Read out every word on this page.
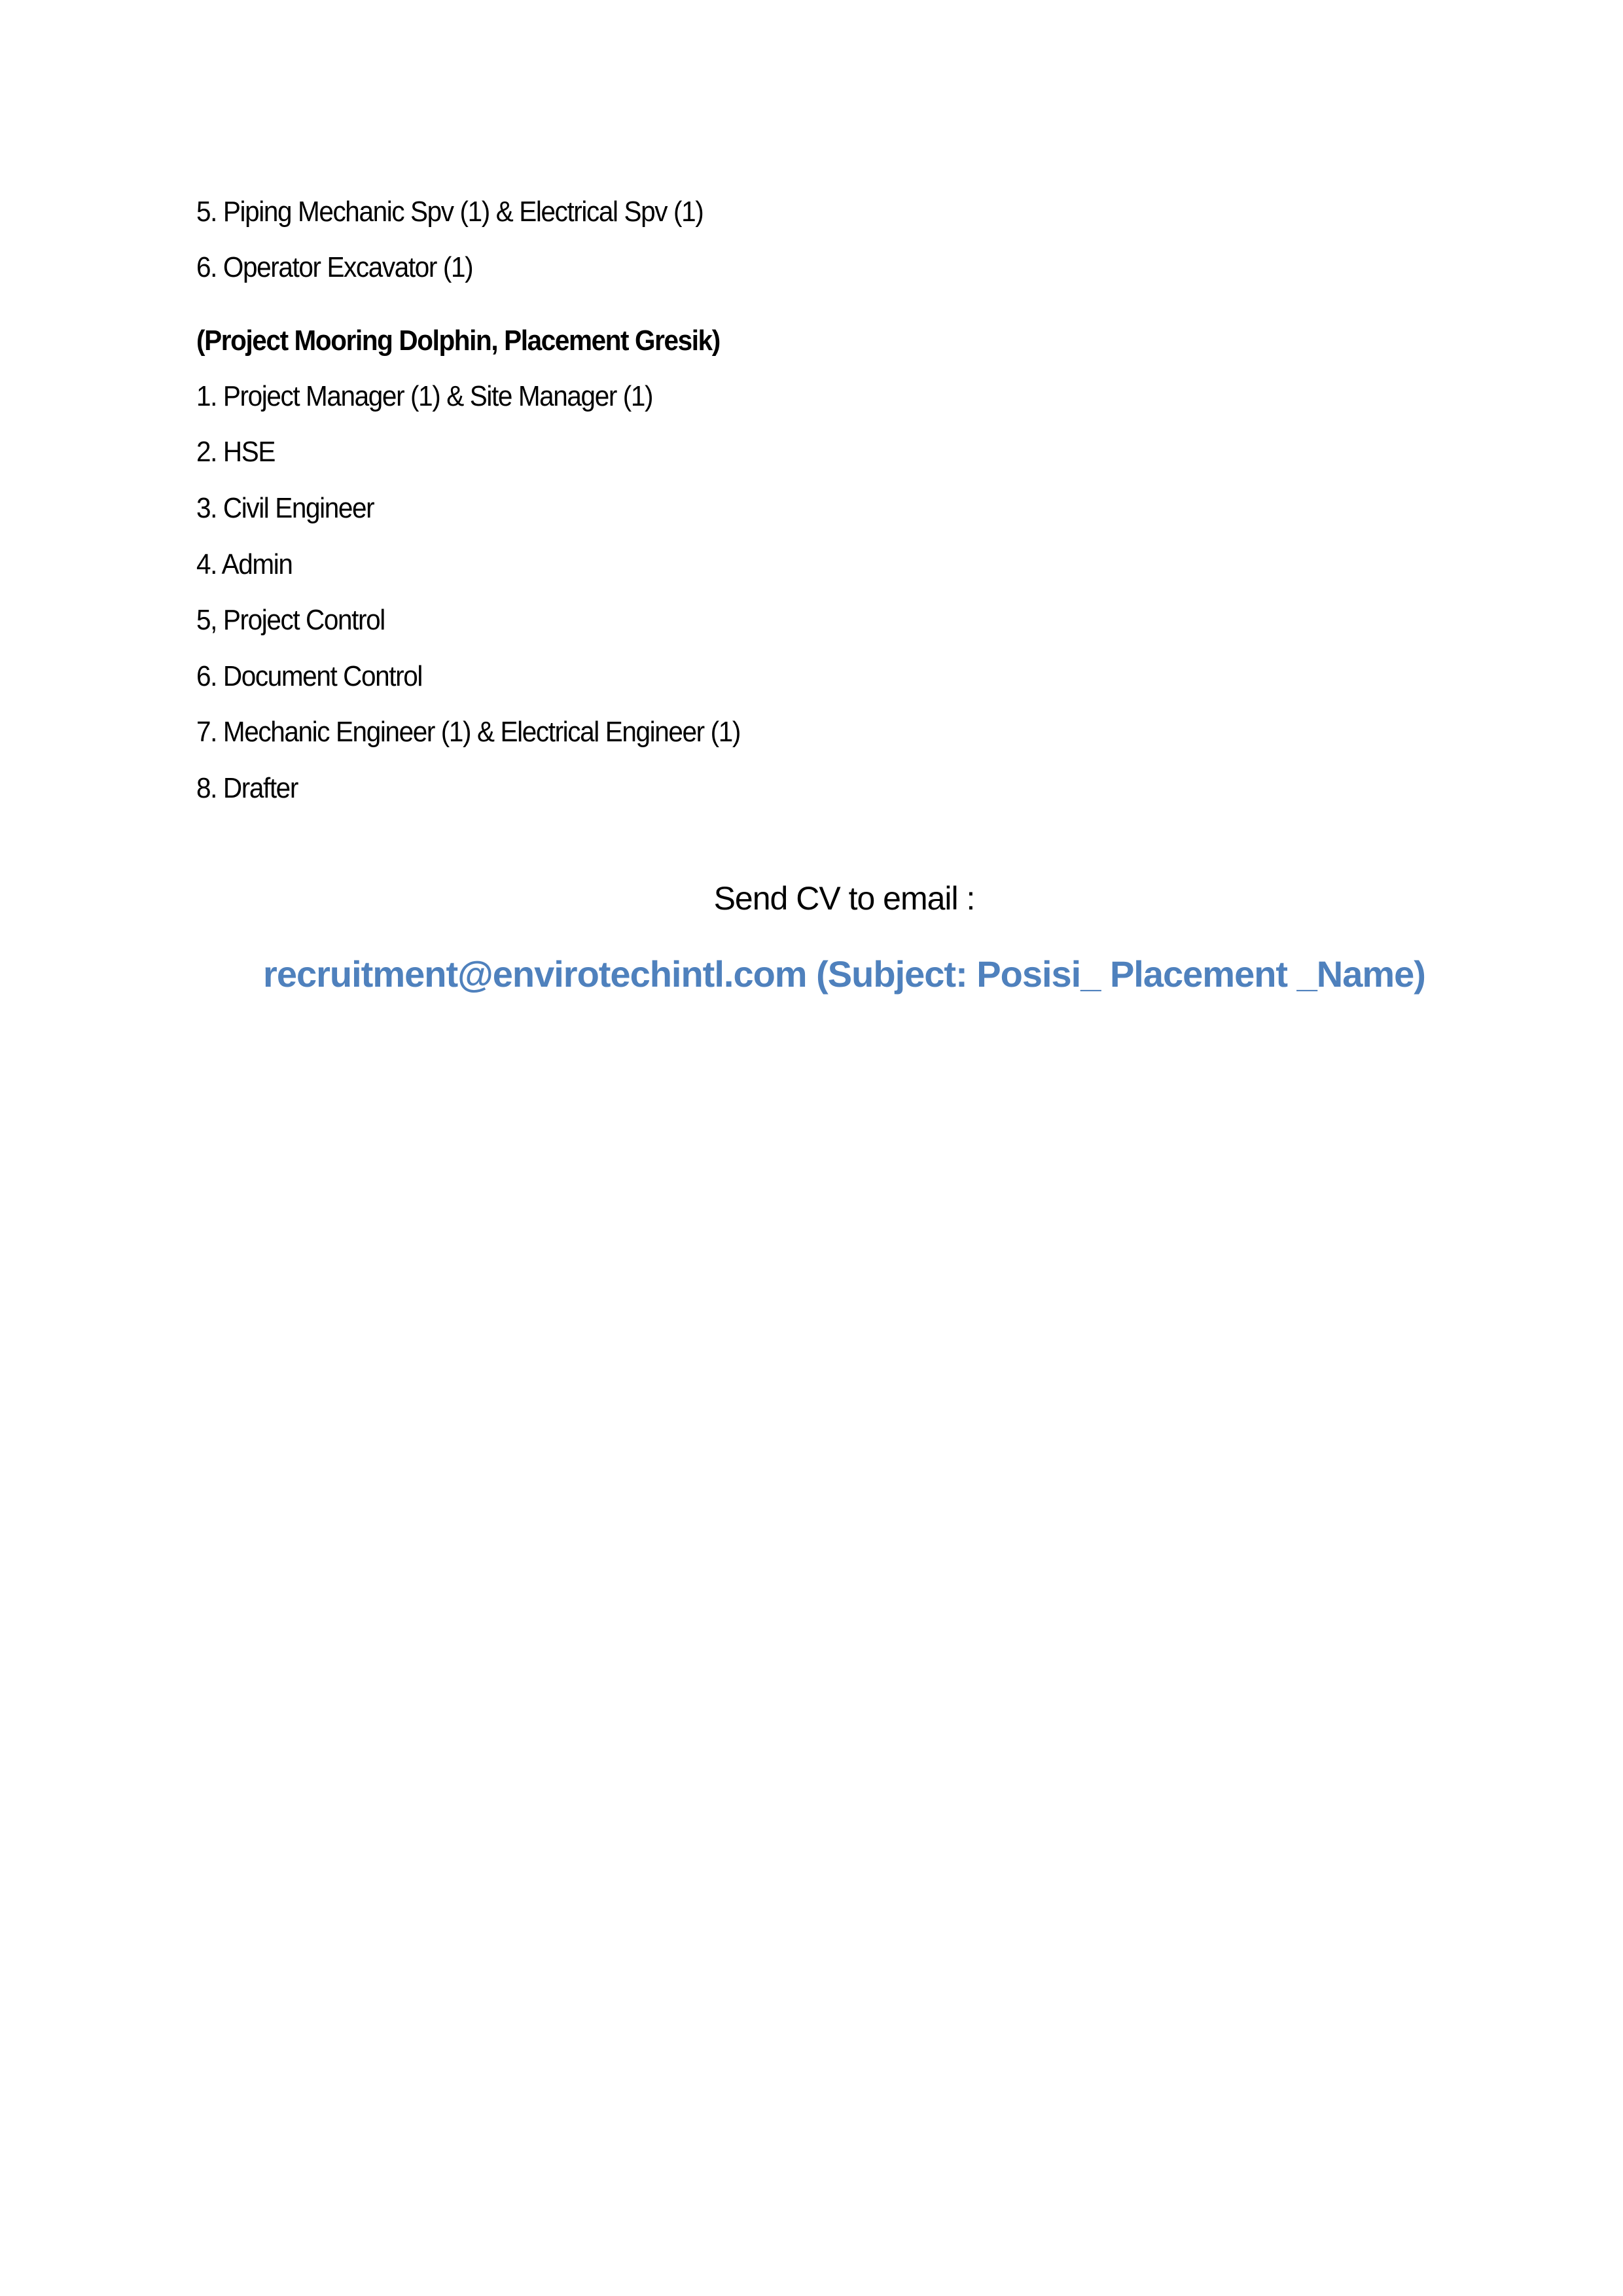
5. Piping Mechanic Spv (1) & Electrical Spv (1)
6. Operator Excavator (1)
(Project Mooring Dolphin, Placement Gresik)
1. Project Manager (1) & Site Manager (1)
2. HSE
3. Civil Engineer
4. Admin
5, Project Control
6. Document Control
7. Mechanic Engineer (1) & Electrical Engineer (1)
8. Drafter
Send CV to email :
recruitment@envirotechintl.com (Subject: Posisi_ Placement _Name)
